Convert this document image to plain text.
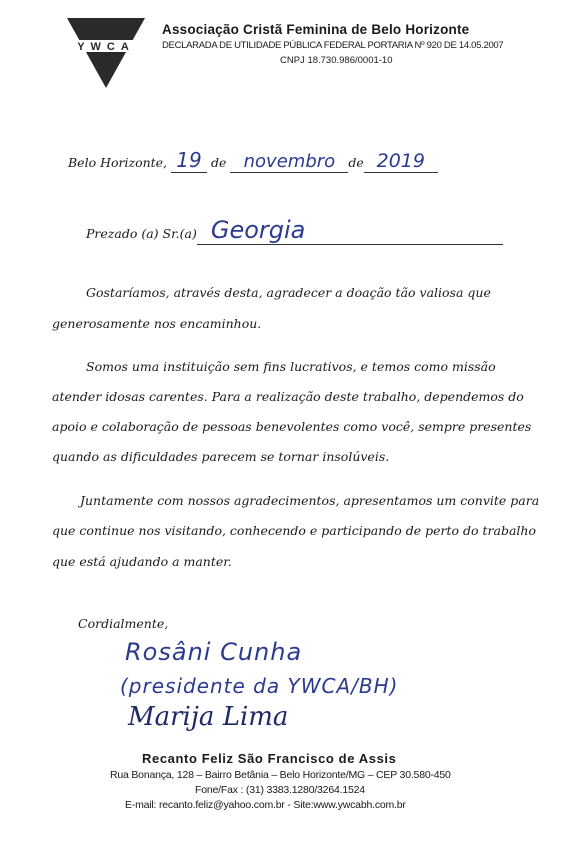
YWCA
Associação Cristã Feminina de Belo Horizonte
DECLARADA DE UTILIDADE PÚBLICA FEDERAL PORTARIA Nº 920 DE 14.05.2007
CNPJ 18.730.986/0001-10
Belo Horizonte, 19 de novembro de 2019
Prezado (a) Sr.(a) Georgia
Gostaríamos, através desta, agradecer a doação tão valiosa que
generosamente nos encaminhou.
Somos uma instituição sem fins lucrativos, e temos como missão
atender idosas carentes. Para a realização deste trabalho, dependemos do
apoio e colaboração de pessoas benevolentes como você, sempre presentes
quando as dificuldades parecem se tornar insolúveis.
Juntamente com nossos agradecimentos, apresentamos um convite para
que continue nos visitando, conhecendo e participando de perto do trabalho
que está ajudando a manter.
Cordialmente,
Rosâni Cunha
(presidente da YWCA/BH)
Marija Lima
Recanto Feliz São Francisco de Assis
Rua Bonança, 128 – Bairro Betânia – Belo Horizonte/MG – CEP 30.580-450
Fone/Fax : (31) 3383.1280/3264.1524
E-mail: recanto.feliz@yahoo.com.br - Site:www.ywcabh.com.br
